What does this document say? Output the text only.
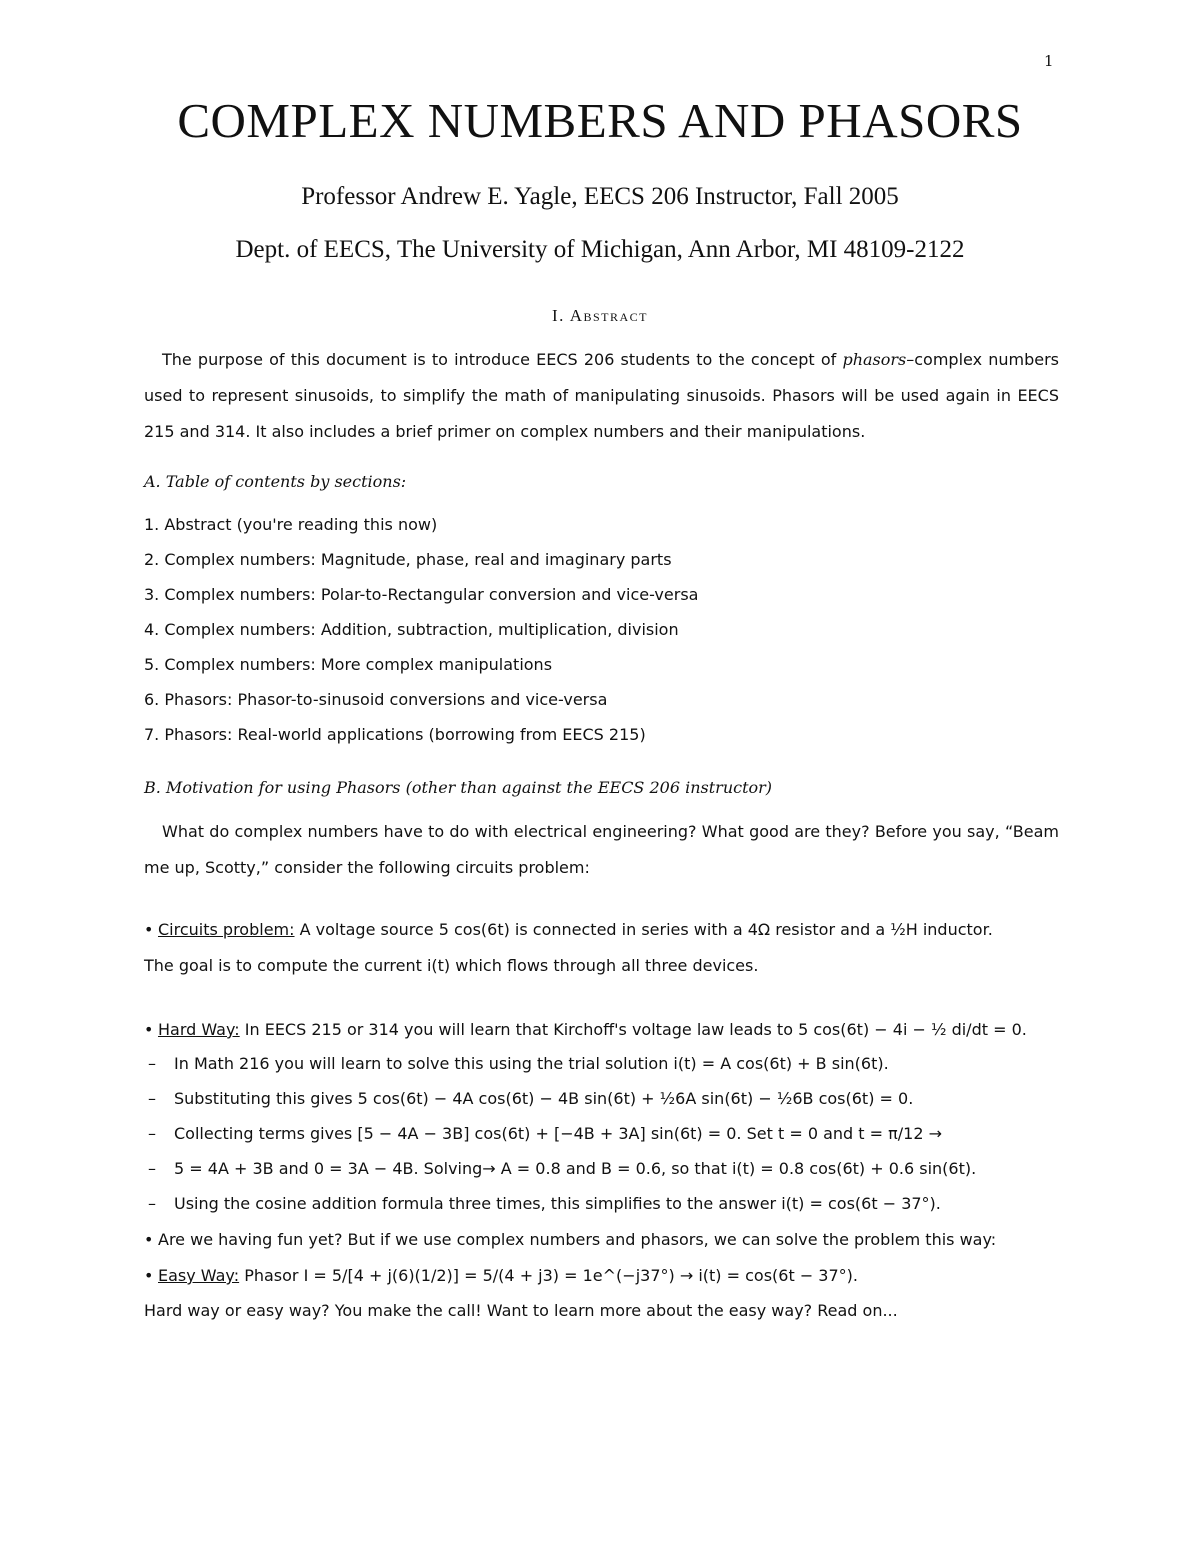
1
COMPLEX NUMBERS AND PHASORS
Professor Andrew E. Yagle, EECS 206 Instructor, Fall 2005
Dept. of EECS, The University of Michigan, Ann Arbor, MI 48109-2122
I. Abstract
The purpose of this document is to introduce EECS 206 students to the concept of phasors–complex numbers used to represent sinusoids, to simplify the math of manipulating sinusoids. Phasors will be used again in EECS 215 and 314. It also includes a brief primer on complex numbers and their manipulations.
A. Table of contents by sections:
1. Abstract (you're reading this now)
2. Complex numbers: Magnitude, phase, real and imaginary parts
3. Complex numbers: Polar-to-Rectangular conversion and vice-versa
4. Complex numbers: Addition, subtraction, multiplication, division
5. Complex numbers: More complex manipulations
6. Phasors: Phasor-to-sinusoid conversions and vice-versa
7. Phasors: Real-world applications (borrowing from EECS 215)
B. Motivation for using Phasors (other than against the EECS 206 instructor)
What do complex numbers have to do with electrical engineering? What good are they? Before you say, “Beam me up, Scotty,” consider the following circuits problem:
• Circuits problem: A voltage source 5 cos(6t) is connected in series with a 4Ω resistor and a ½H inductor.
The goal is to compute the current i(t) which flows through all three devices.
• Hard Way: In EECS 215 or 314 you will learn that Kirchoff's voltage law leads to 5 cos(6t) − 4i − ½ di/dt = 0.
– In Math 216 you will learn to solve this using the trial solution i(t) = A cos(6t) + B sin(6t).
– Substituting this gives 5 cos(6t) − 4A cos(6t) − 4B sin(6t) + ½6A sin(6t) − ½6B cos(6t) = 0.
– Collecting terms gives [5 − 4A − 3B] cos(6t) + [−4B + 3A] sin(6t) = 0. Set t = 0 and t = π/12 →
– 5 = 4A + 3B and 0 = 3A − 4B. Solving→ A = 0.8 and B = 0.6, so that i(t) = 0.8 cos(6t) + 0.6 sin(6t).
– Using the cosine addition formula three times, this simplifies to the answer i(t) = cos(6t − 37°).
• Are we having fun yet? But if we use complex numbers and phasors, we can solve the problem this way:
• Easy Way: Phasor I = 5/[4 + j(6)(1/2)] = 5/(4 + j3) = 1e^(−j37°) → i(t) = cos(6t − 37°).
Hard way or easy way? You make the call! Want to learn more about the easy way? Read on...
